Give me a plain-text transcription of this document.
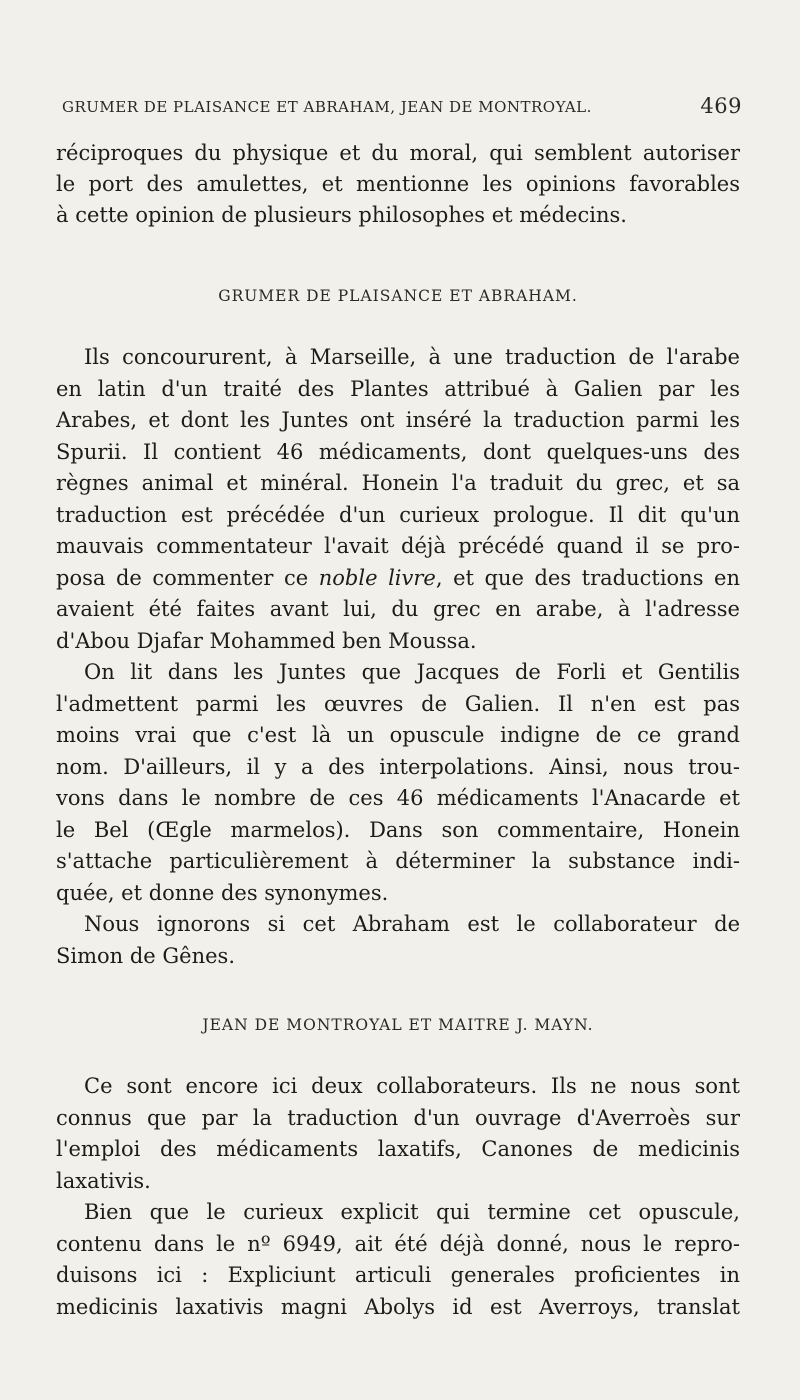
GRUMER DE PLAISANCE ET ABRAHAM, JEAN DE MONTROYAL.	469
réciproques du physique et du moral, qui semblent autoriser
le port des amulettes, et mentionne les opinions favorables
à cette opinion de plusieurs philosophes et médecins.
GRUMER DE PLAISANCE ET ABRAHAM.
Ils concoururent, à Marseille, à une traduction de l'arabe
en latin d'un traité des Plantes attribué à Galien par les
Arabes, et dont les Juntes ont inséré la traduction parmi les
Spurii. Il contient 46 médicaments, dont quelques-uns des
règnes animal et minéral. Honein l'a traduit du grec, et sa
traduction est précédée d'un curieux prologue. Il dit qu'un
mauvais commentateur l'avait déjà précédé quand il se pro-
posa de commenter ce noble livre, et que des traductions en
avaient été faites avant lui, du grec en arabe, à l'adresse
d'Abou Djafar Mohammed ben Moussa.
On lit dans les Juntes que Jacques de Forli et Gentilis
l'admettent parmi les œuvres de Galien. Il n'en est pas
moins vrai que c'est là un opuscule indigne de ce grand
nom. D'ailleurs, il y a des interpolations. Ainsi, nous trou-
vons dans le nombre de ces 46 médicaments l'Anacarde et
le Bel (Œgle marmelos). Dans son commentaire, Honein
s'attache particulièrement à déterminer la substance indi-
quée, et donne des synonymes.
Nous ignorons si cet Abraham est le collaborateur de
Simon de Gênes.
JEAN DE MONTROYAL ET MAITRE J. MAYN.
Ce sont encore ici deux collaborateurs. Ils ne nous sont
connus que par la traduction d'un ouvrage d'Averroès sur
l'emploi des médicaments laxatifs, Canones de medicinis
laxativis.
Bien que le curieux explicit qui termine cet opuscule,
contenu dans le nº 6949, ait été déjà donné, nous le repro-
duisons ici : Expliciunt articuli generales proficientes in
medicinis laxativis magni Abolys id est Averroys, translat
